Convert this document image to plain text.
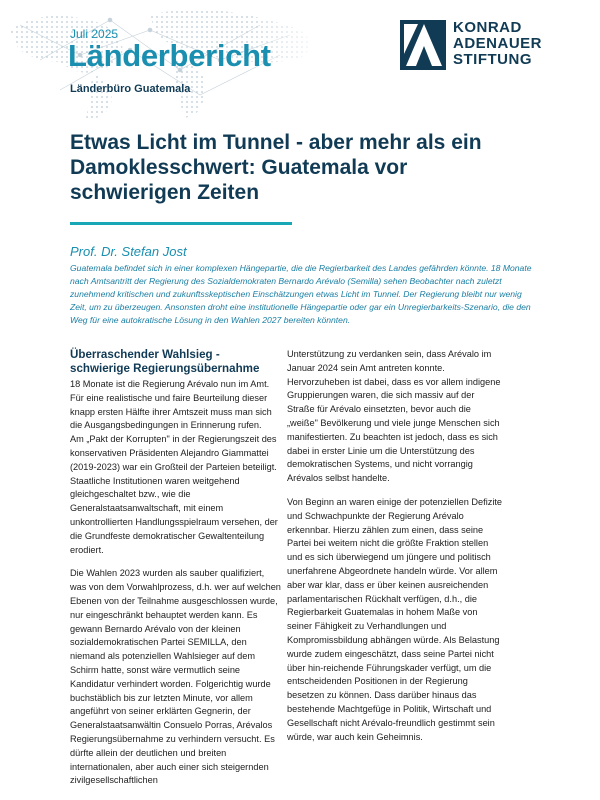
Juli 2025
Länderbericht
Länderbüro Guatemala
KONRAD
ADENAUER
STIFTUNG
Etwas Licht im Tunnel - aber mehr als ein Damoklesschwert: Guatemala vor schwierigen Zeiten
Prof. Dr. Stefan Jost
Guatemala befindet sich in einer komplexen Hängepartie, die die Regierbarkeit des Landes gefährden könnte. 18 Monate nach Amtsantritt der Regierung des Sozialdemokraten Bernardo Arévalo (Semilla) sehen Beobachter nach zuletzt zunehmend kritischen und zukunftsskeptischen Einschätzungen etwas Licht im Tunnel. Der Regierung bleibt nur wenig Zeit, um zu überzeugen. Ansonsten droht eine institutionelle Hängepartie oder gar ein Unregierbarkeits-Szenario, die den Weg für eine autokratische Lösung in den Wahlen 2027 bereiten könnten.
Überraschender Wahlsieg - schwierige Regierungsübernahme

18 Monate ist die Regierung Arévalo nun im Amt. Für eine realistische und faire Beurteilung dieser knapp ersten Hälfte ihrer Amtszeit muss man sich die Ausgangsbedingungen in Erinnerung rufen.

Am „Pakt der Korrupten" in der Regierungszeit des konservativen Präsidenten Alejandro Giammattei (2019-2023) war ein Großteil der Parteien beteiligt. Staatliche Institutionen waren weitgehend gleichgeschaltet bzw., wie die Generalstaatsanwaltschaft, mit einem unkontrollierten Handlungsspielraum versehen, der die Grundfeste demokratischer Gewaltenteilung erodiert.

Die Wahlen 2023 wurden als sauber qualifiziert, was von dem Vorwahlprozess, d.h. wer auf welchen Ebenen von der Teilnahme ausgeschlossen wurde, nur eingeschränkt behauptet werden kann. Es gewann Bernardo Arévalo von der kleinen sozialdemokratischen Partei SEMILLA, den niemand als potenziellen Wahlsieger auf dem Schirm hatte, sonst wäre vermutlich seine Kandidatur verhindert worden. Folgerichtig wurde buchstäblich bis zur letzten Minute, vor allem angeführt von seiner erklärten Gegnerin, der Generalstaatsanwältin Consuelo Porras, Arévalos Regierungsübernahme zu verhindern versucht. Es dürfte allein der deutlichen und breiten internationalen, aber auch einer sich steigernden zivilgesellschaftlichen

Unterstützung zu verdanken sein, dass Arévalo im Januar 2024 sein Amt antreten konnte. Hervorzuheben ist dabei, dass es vor allem indigene Gruppierungen waren, die sich massiv auf der Straße für Arévalo einsetzten, bevor auch die „weiße" Bevölkerung und viele junge Menschen sich manifestierten. Zu beachten ist jedoch, dass es sich dabei in erster Linie um die Unterstützung des demokratischen Systems, und nicht vorrangig Arévalos selbst handelte.

Von Beginn an waren einige der potenziellen Defizite und Schwachpunkte der Regierung Arévalo erkennbar. Hierzu zählen zum einen, dass seine Partei bei weitem nicht die größte Fraktion stellen und es sich überwiegend um jüngere und politisch unerfahrene Abgeordnete handeln würde. Vor allem aber war klar, dass er über keinen ausreichenden parlamentarischen Rückhalt verfügen, d.h., die Regierbarkeit Guatemalas in hohem Maße von seiner Fähigkeit zu Verhandlungen und Kompromissbildung abhängen würde. Als Belastung wurde zudem eingeschätzt, dass seine Partei nicht über hin-reichende Führungskader verfügt, um die entscheidenden Positionen in der Regierung besetzen zu können. Dass darüber hinaus das bestehende Machtgefüge in Politik, Wirtschaft und Gesellschaft nicht Arévalo-freundlich gestimmt sein würde, war auch kein Geheimnis.
